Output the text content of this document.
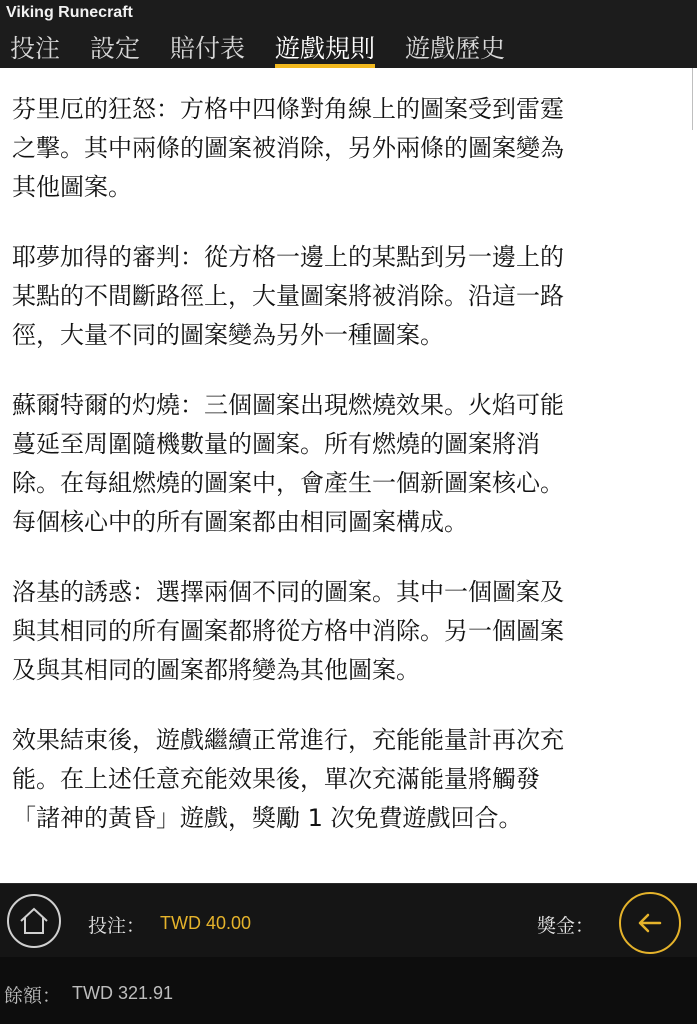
Viking Runecraft
投注 設定 賠付表 遊戲規則 遊戲歷史

芬里厄的狂怒：方格中四條對角線上的圖案受到雷霆
之擊。其中兩條的圖案被消除，另外兩條的圖案變為
其他圖案。

耶夢加得的審判：從方格一邊上的某點到另一邊上的
某點的不間斷路徑上，大量圖案將被消除。沿這一路
徑，大量不同的圖案變為另外一種圖案。

蘇爾特爾的灼燒：三個圖案出現燃燒效果。火焰可能
蔓延至周圍隨機數量的圖案。所有燃燒的圖案將消
除。在每組燃燒的圖案中，會產生一個新圖案核心。
每個核心中的所有圖案都由相同圖案構成。

洛基的誘惑：選擇兩個不同的圖案。其中一個圖案及
與其相同的所有圖案都將從方格中消除。另一個圖案
及與其相同的圖案都將變為其他圖案。

效果結束後，遊戲繼續正常進行，充能能量計再次充
能。在上述任意充能效果後，單次充滿能量將觸發
「諸神的黃昏」遊戲，獎勵 1 次免費遊戲回合。

投注： TWD 40.00	獎金：
餘額： TWD 321.91
